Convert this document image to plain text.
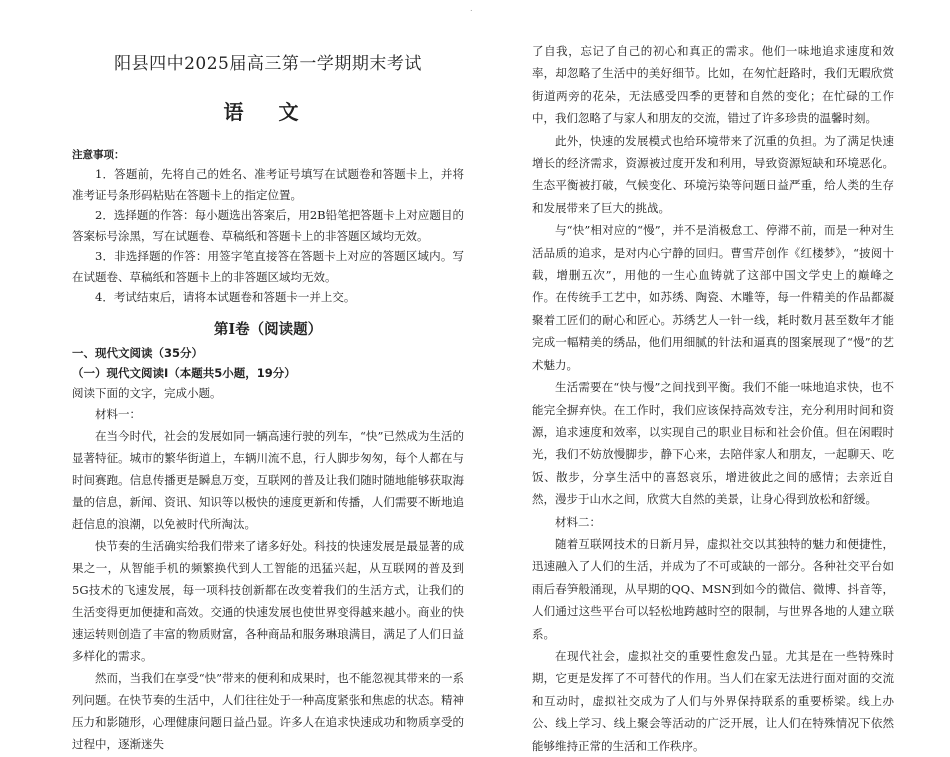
.
阳县四中2025届高三第一学期期末考试
语 文
注意事项：

1．答题前，先将自己的姓名、准考证号填写在试题卷和答题卡上，并将准考证号条形码粘贴在答题卡上的指定位置。

2．选择题的作答：每小题选出答案后，用2B铅笔把答题卡上对应题目的答案标号涂黑，写在试题卷、草稿纸和答题卡上的非答题区域均无效。

3．非选择题的作答：用签字笔直接答在答题卡上对应的答题区域内。写在试题卷、草稿纸和答题卡上的非答题区域均无效。

4．考试结束后，请将本试题卷和答题卡一并上交。

第Ⅰ卷（阅读题）

一、现代文阅读（35分）

（一）现代文阅读Ⅰ（本题共5小题，19分）

阅读下面的文字，完成小题。

材料一：

在当今时代，社会的发展如同一辆高速行驶的列车，“快”已然成为生活的显著特征。城市的繁华街道上，车辆川流不息，行人脚步匆匆，每个人都在与时间赛跑。信息传播更是瞬息万变，互联网的普及让我们随时随地能够获取海量的信息，新闻、资讯、知识等以极快的速度更新和传播，人们需要不断地追赶信息的浪潮，以免被时代所淘汰。

快节奏的生活确实给我们带来了诸多好处。科技的快速发展是最显著的成果之一，从智能手机的频繁换代到人工智能的迅猛兴起，从互联网的普及到5G技术的飞速发展，每一项科技创新都在改变着我们的生活方式，让我们的生活变得更加便捷和高效。交通的快速发展也使世界变得越来越小。商业的快速运转则创造了丰富的物质财富，各种商品和服务琳琅满目，满足了人们日益多样化的需求。

然而，当我们在享受“快”带来的便利和成果时，也不能忽视其带来的一系列问题。在快节奏的生活中，人们往往处于一种高度紧张和焦虑的状态。精神压力和影随形，心理健康问题日益凸显。许多人在追求快速成功和物质享受的过程中，逐渐迷失

了自我，忘记了自己的初心和真正的需求。他们一味地追求速度和效率，却忽略了生活中的美好细节。比如，在匆忙赶路时，我们无暇欣赏街道两旁的花朵，无法感受四季的更替和自然的变化；在忙碌的工作中，我们忽略了与家人和朋友的交流，错过了许多珍贵的温馨时刻。

此外，快速的发展模式也给环境带来了沉重的负担。为了满足快速增长的经济需求，资源被过度开发和利用，导致资源短缺和环境恶化。生态平衡被打破，气候变化、环境污染等问题日益严重，给人类的生存和发展带来了巨大的挑战。

与“快”相对应的“慢”，并不是消极怠工、停滞不前，而是一种对生活品质的追求，是对内心宁静的回归。曹雪芹创作《红楼梦》，“披阅十载，增删五次”，用他的一生心血铸就了这部中国文学史上的巅峰之作。在传统手工艺中，如苏绣、陶瓷、木雕等，每一件精美的作品都凝聚着工匠们的耐心和匠心。苏绣艺人一针一线，耗时数月甚至数年才能完成一幅精美的绣品，他们用细腻的针法和逼真的图案展现了“慢”的艺术魅力。

生活需要在“快与慢”之间找到平衡。我们不能一味地追求快，也不能完全摒弃快。在工作时，我们应该保持高效专注，充分利用时间和资源，追求速度和效率，以实现自己的职业目标和社会价值。但在闲暇时光，我们不妨放慢脚步，静下心来，去陪伴家人和朋友，一起聊天、吃饭、散步，分享生活中的喜怒哀乐，增进彼此之间的感情；去亲近自然，漫步于山水之间，欣赏大自然的美景，让身心得到放松和舒缓。

材料二：

随着互联网技术的日新月异，虚拟社交以其独特的魅力和便捷性，迅速融入了人们的生活，并成为了不可或缺的一部分。各种社交平台如雨后春笋般涌现，从早期的QQ、MSN到如今的微信、微博、抖音等，人们通过这些平台可以轻松地跨越时空的限制，与世界各地的人建立联系。

在现代社会，虚拟社交的重要性愈发凸显。尤其是在一些特殊时期，它更是发挥了不可替代的作用。当人们在家无法进行面对面的交流和互动时，虚拟社交成为了人们与外界保持联系的重要桥梁。线上办公、线上学习、线上聚会等活动的广泛开展，让人们在特殊情况下依然能够维持正常的生活和工作秩序。
